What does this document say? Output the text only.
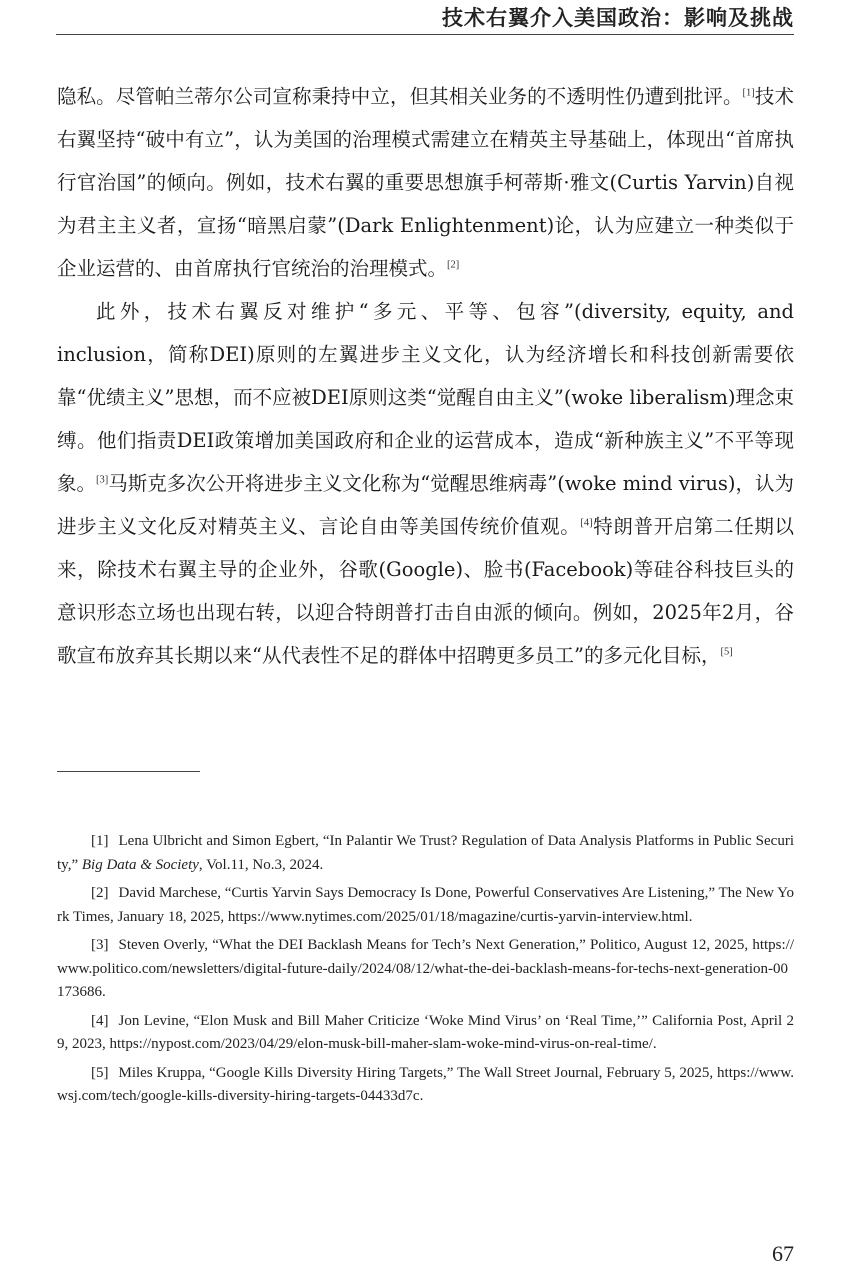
技术右翼介入美国政治：影响及挑战

隐私。尽管帕兰蒂尔公司宣称秉持中立，但其相关业务的不透明性仍遭到批评。[1]技术右翼坚持“破中有立”，认为美国的治理模式需建立在精英主导基础上，体现出“首席执行官治国”的倾向。例如，技术右翼的重要思想旗手柯蒂斯·雅文(Curtis Yarvin)自视为君主主义者，宣扬“暗黑启蒙”(Dark Enlightenment)论，认为应建立一种类似于企业运营的、由首席执行官统治的治理模式。[2]

此外，技术右翼反对维护“多元、平等、包容”(diversity, equity, and inclusion，简称DEI)原则的左翼进步主义文化，认为经济增长和科技创新需要依靠“优绩主义”思想，而不应被DEI原则这类“觉醒自由主义”(woke liberalism)理念束缚。他们指责DEI政策增加美国政府和企业的运营成本，造成“新种族主义”不平等现象。[3]马斯克多次公开将进步主义文化称为“觉醒思维病毒”(woke mind virus)，认为进步主义文化反对精英主义、言论自由等美国传统价值观。[4]特朗普开启第二任期以来，除技术右翼主导的企业外，谷歌(Google)、脸书(Facebook)等硅谷科技巨头的意识形态立场也出现右转，以迎合特朗普打击自由派的倾向。例如，2025年2月，谷歌宣布放弃其长期以来“从代表性不足的群体中招聘更多员工”的多元化目标，[5]

[1] Lena Ulbricht and Simon Egbert, “In Palantir We Trust? Regulation of Data Analysis Platforms in Public Security,” Big Data & Society, Vol.11, No.3, 2024.

[2] David Marchese, “Curtis Yarvin Says Democracy Is Done, Powerful Conservatives Are Listening,” The New York Times, January 18, 2025, https://www.nytimes.com/2025/01/18/magazine/curtis-yarvin-interview.html.

[3] Steven Overly, “What the DEI Backlash Means for Tech’s Next Generation,” Politico, August 12, 2025, https://www.politico.com/newsletters/digital-future-daily/2024/08/12/what-the-dei-backlash-means-for-techs-next-generation-00173686.

[4] Jon Levine, “Elon Musk and Bill Maher Criticize ‘Woke Mind Virus’ on ‘Real Time,’” California Post, April 29, 2023, https://nypost.com/2023/04/29/elon-musk-bill-maher-slam-woke-mind-virus-on-real-time/.

[5] Miles Kruppa, “Google Kills Diversity Hiring Targets,” The Wall Street Journal, February 5, 2025, https://www.wsj.com/tech/google-kills-diversity-hiring-targets-04433d7c.

67
